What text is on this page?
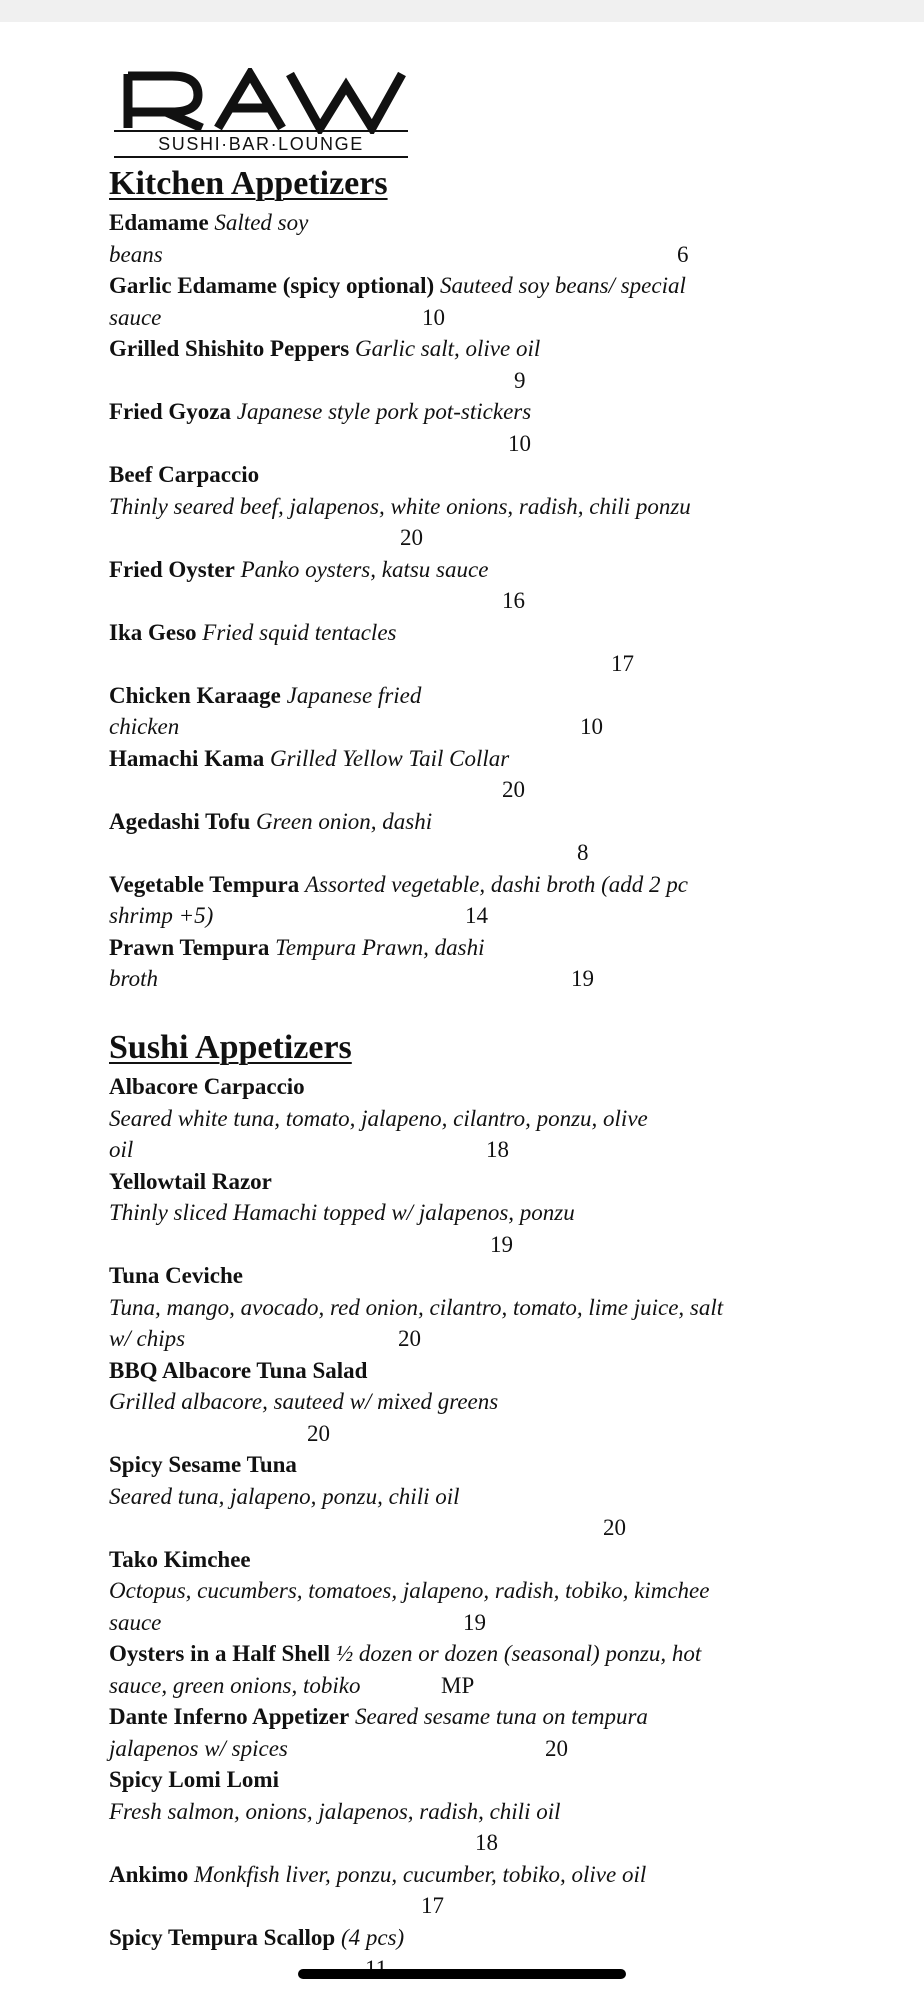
SUSHI·BAR·LOUNGE
Kitchen Appetizers
Edamame Salted soy
beans	6
Garlic Edamame (spicy optional) Sauteed soy beans/ special
sauce	10
Grilled Shishito Peppers Garlic salt, olive oil
9
Fried Gyoza Japanese style pork pot-stickers
10
Beef Carpaccio
Thinly seared beef, jalapenos, white onions, radish, chili ponzu
20
Fried Oyster Panko oysters, katsu sauce
16
Ika Geso Fried squid tentacles
17
Chicken Karaage Japanese fried
chicken	10
Hamachi Kama Grilled Yellow Tail Collar
20
Agedashi Tofu Green onion, dashi
8
Vegetable Tempura Assorted vegetable, dashi broth (add 2 pc
shrimp +5)	14
Prawn Tempura Tempura Prawn, dashi
broth	19
Sushi Appetizers
Albacore Carpaccio
Seared white tuna, tomato, jalapeno, cilantro, ponzu, olive
oil	18
Yellowtail Razor
Thinly sliced Hamachi topped w/ jalapenos, ponzu
19
Tuna Ceviche
Tuna, mango, avocado, red onion, cilantro, tomato, lime juice, salt
w/ chips	20
BBQ Albacore Tuna Salad
Grilled albacore, sauteed w/ mixed greens
20
Spicy Sesame Tuna
Seared tuna, jalapeno, ponzu, chili oil
20
Tako Kimchee
Octopus, cucumbers, tomatoes, jalapeno, radish, tobiko, kimchee
sauce	19
Oysters in a Half Shell ½ dozen or dozen (seasonal) ponzu, hot
sauce, green onions, tobiko	MP
Dante Inferno Appetizer Seared sesame tuna on tempura
jalapenos w/ spices	20
Spicy Lomi Lomi
Fresh salmon, onions, jalapenos, radish, chili oil
18
Ankimo Monkfish liver, ponzu, cucumber, tobiko, olive oil
17
Spicy Tempura Scallop (4 pcs)
